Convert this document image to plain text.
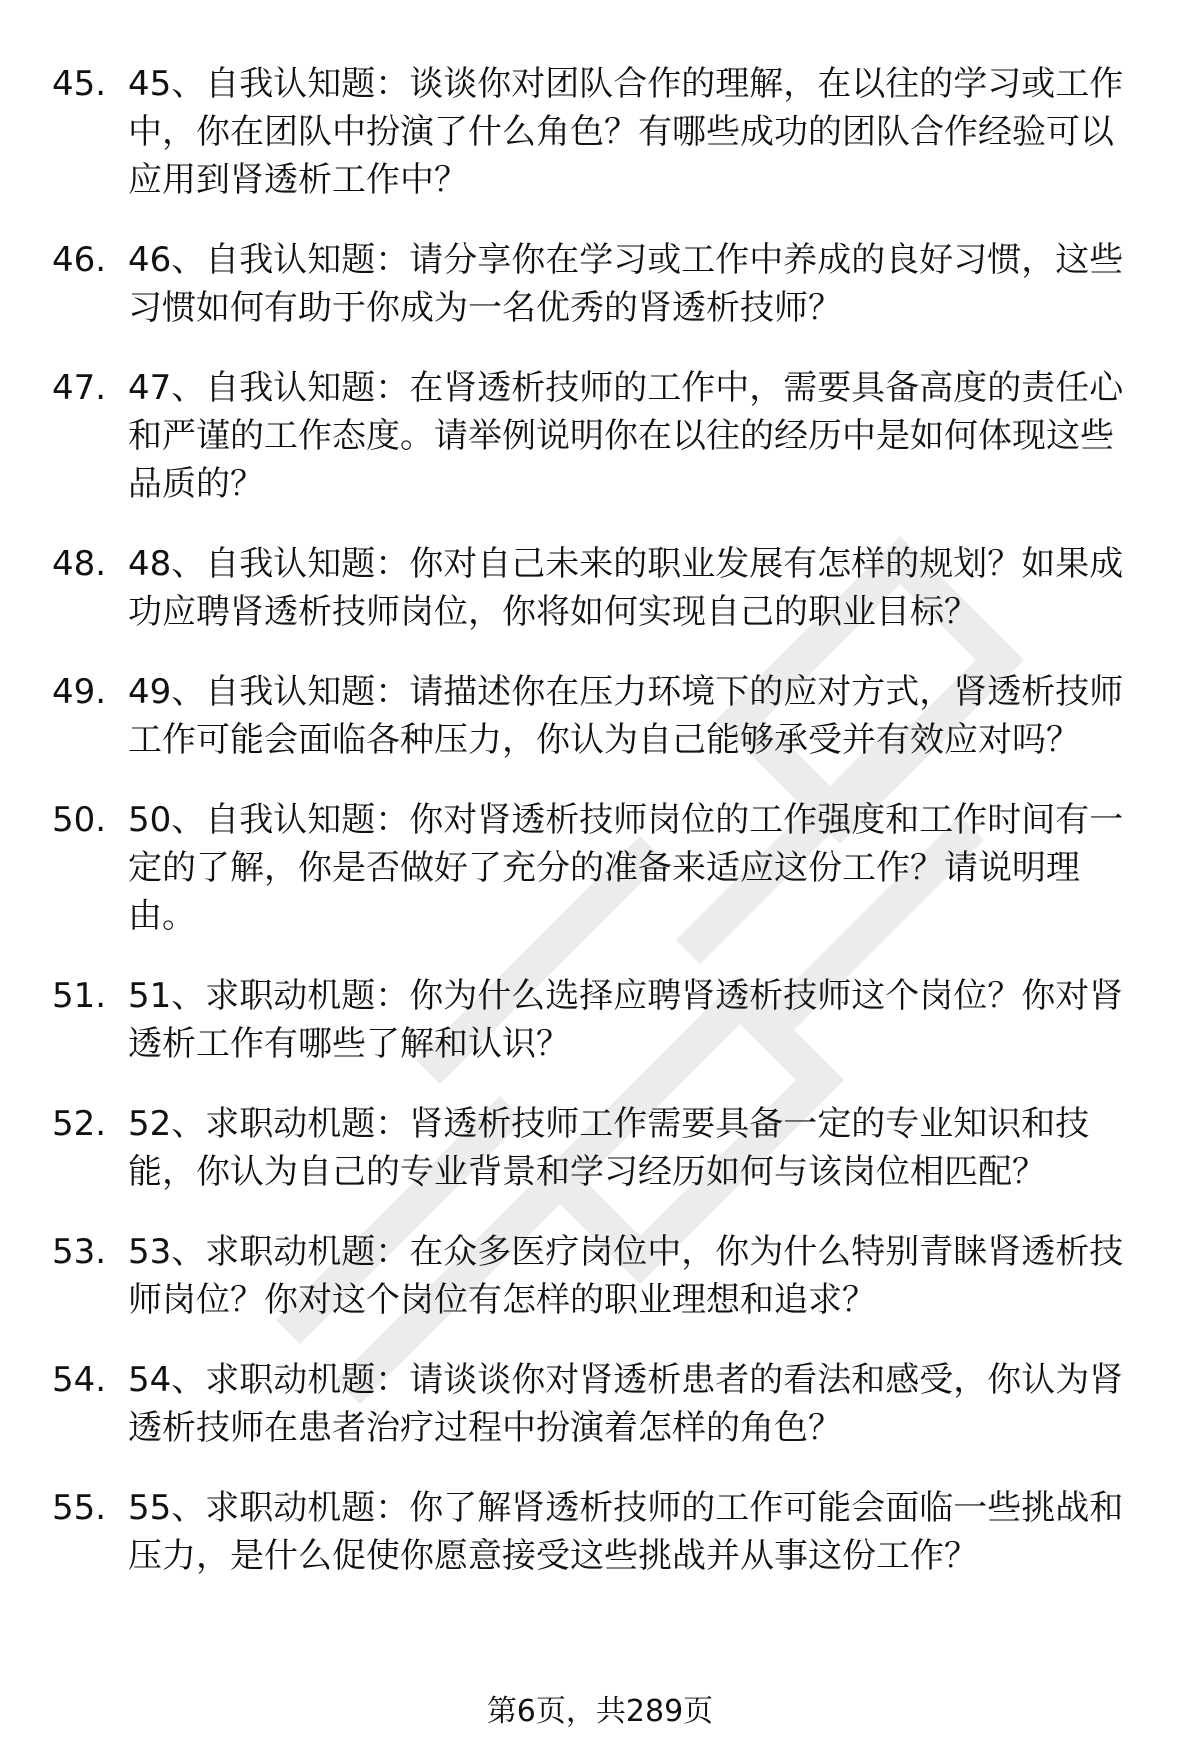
45. 45、自我认知题：谈谈你对团队合作的理解，在以往的学习或工作中，你在团队中扮演了什么角色？有哪些成功的团队合作经验可以应用到肾透析工作中？
46. 46、自我认知题：请分享你在学习或工作中养成的良好习惯，这些习惯如何有助于你成为一名优秀的肾透析技师？
47. 47、自我认知题：在肾透析技师的工作中，需要具备高度的责任心和严谨的工作态度。请举例说明你在以往的经历中是如何体现这些品质的？
48. 48、自我认知题：你对自己未来的职业发展有怎样的规划？如果成功应聘肾透析技师岗位，你将如何实现自己的职业目标？
49. 49、自我认知题：请描述你在压力环境下的应对方式，肾透析技师工作可能会面临各种压力，你认为自己能够承受并有效应对吗？
50. 50、自我认知题：你对肾透析技师岗位的工作强度和工作时间有一定的了解，你是否做好了充分的准备来适应这份工作？请说明理由。
51. 51、求职动机题：你为什么选择应聘肾透析技师这个岗位？你对肾透析工作有哪些了解和认识？
52. 52、求职动机题：肾透析技师工作需要具备一定的专业知识和技能，你认为自己的专业背景和学习经历如何与该岗位相匹配？
53. 53、求职动机题：在众多医疗岗位中，你为什么特别青睐肾透析技师岗位？你对这个岗位有怎样的职业理想和追求？
54. 54、求职动机题：请谈谈你对肾透析患者的看法和感受，你认为肾透析技师在患者治疗过程中扮演着怎样的角色？
55. 55、求职动机题：你了解肾透析技师的工作可能会面临一些挑战和压力，是什么促使你愿意接受这些挑战并从事这份工作？
第6页，共289页
